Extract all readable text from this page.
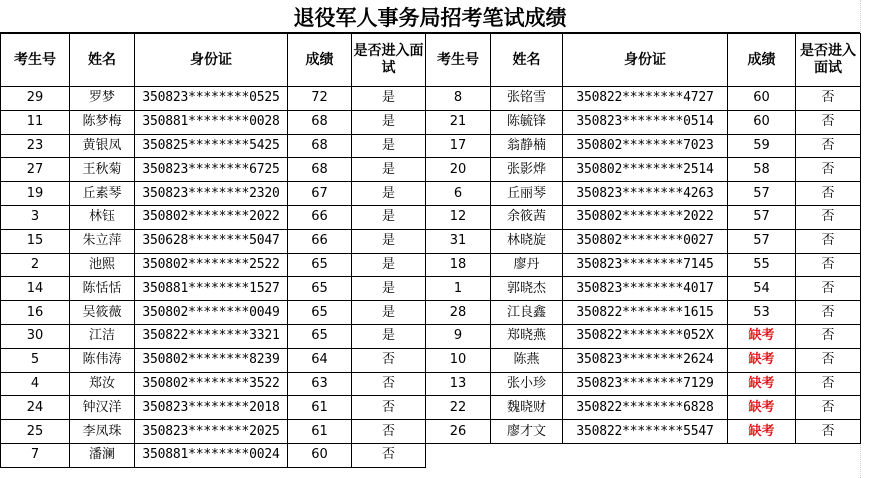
退役军人事务局招考笔试成绩
考生号	姓名	身份证	成绩	是否进入面试	考生号	姓名	身份证	成绩	是否进入面试
29	罗梦	350823********0525	72	是	8	张铭雪	350822********4727	60	否
11	陈梦梅	350881********0028	68	是	21	陈毓锋	350823********0514	60	否
23	黄银凤	350825********5425	68	是	17	翁静楠	350802********7023	59	否
27	王秋菊	350823********6725	68	是	20	张影烨	350802********2514	58	否
19	丘素琴	350823********2320	67	是	6	丘丽琴	350823********4263	57	否
3	林钰	350802********2022	66	是	12	余筱茜	350802********2022	57	否
15	朱立萍	350628********5047	66	是	31	林晓旋	350802********0027	57	否
2	池熙	350802********2522	65	是	18	廖丹	350823********7145	55	否
14	陈恬恬	350881********1527	65	是	1	郭晓杰	350823********4017	54	否
16	吴筱薇	350802********0049	65	是	28	江良鑫	350822********1615	53	否
30	江洁	350822********3321	65	是	9	郑晓燕	350822********052X	缺考	否
5	陈伟涛	350802********8239	64	否	10	陈燕	350823********2624	缺考	否
4	郑汝	350802********3522	63	否	13	张小珍	350823********7129	缺考	否
24	钟汉洋	350823********2018	61	否	22	魏晓财	350822********6828	缺考	否
25	李凤珠	350823********2025	61	否	26	廖才文	350822********5547	缺考	否
7	潘澜	350881********0024	60	否					
